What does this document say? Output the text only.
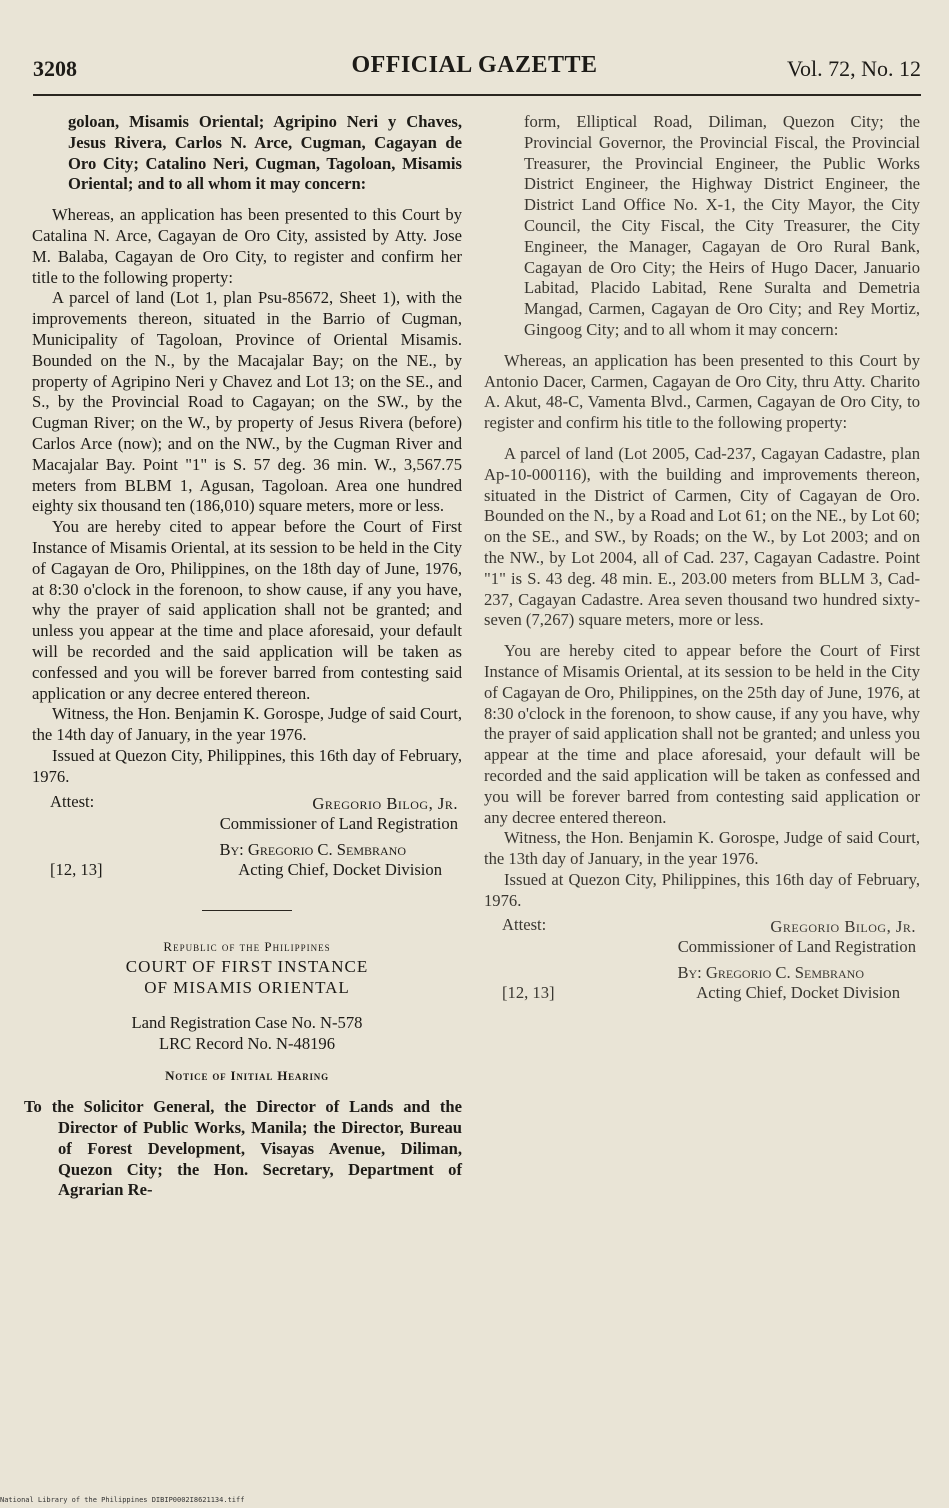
3208	OFFICIAL GAZETTE	Vol. 72, No. 12

goloan, Misamis Oriental; Agripino Neri y Chaves, Jesus Rivera, Carlos N. Arce, Cugman, Cagayan de Oro City; Catalino Neri, Cugman, Tagoloan, Misamis Oriental; and to all whom it may concern:

Whereas, an application has been presented to this Court by Catalina N. Arce, Cagayan de Oro City, assisted by Atty. Jose M. Balaba, Cagayan de Oro City, to register and confirm her title to the following property:

A parcel of land (Lot 1, plan Psu-85672, Sheet 1), with the improvements thereon, situated in the Barrio of Cugman, Municipality of Tagoloan, Province of Oriental Misamis. Bounded on the N., by the Macajalar Bay; on the NE., by property of Agripino Neri y Chavez and Lot 13; on the SE., and S., by the Provincial Road to Cagayan; on the SW., by the Cugman River; on the W., by property of Jesus Rivera (before) Carlos Arce (now); and on the NW., by the Cugman River and Macajalar Bay. Point "1" is S. 57 deg. 36 min. W., 3,567.75 meters from BLBM 1, Agusan, Tagoloan. Area one hundred eighty six thousand ten (186,010) square meters, more or less.

You are hereby cited to appear before the Court of First Instance of Misamis Oriental, at its session to be held in the City of Cagayan de Oro, Philippines, on the 18th day of June, 1976, at 8:30 o'clock in the forenoon, to show cause, if any you have, why the prayer of said application shall not be granted; and unless you appear at the time and place aforesaid, your default will be recorded and the said application will be taken as confessed and you will be forever barred from contesting said application or any decree entered thereon.

Witness, the Hon. Benjamin K. Gorospe, Judge of said Court, the 14th day of January, in the year 1976.

Issued at Quezon City, Philippines, this 16th day of February, 1976.

Attest:	Gregorio Bilog, Jr.
Commissioner of Land Registration
By: Gregorio C. Sembrano
[12, 13]	Acting Chief, Docket Division

Republic of the Philippines

COURT OF FIRST INSTANCE

OF MISAMIS ORIENTAL

Land Registration Case No. N-578

LRC Record No. N-48196

Notice of Initial Hearing

To the Solicitor General, the Director of Lands and the Director of Public Works, Manila; the Director, Bureau of Forest Development, Visayas Avenue, Diliman, Quezon City; the Hon. Secretary, Department of Agrarian Re-

form, Elliptical Road, Diliman, Quezon City; the Provincial Governor, the Provincial Fiscal, the Provincial Treasurer, the Provincial Engineer, the Public Works District Engineer, the Highway District Engineer, the District Land Office No. X-1, the City Mayor, the City Council, the City Fiscal, the City Treasurer, the City Engineer, the Manager, Cagayan de Oro Rural Bank, Cagayan de Oro City; the Heirs of Hugo Dacer, Januario Labitad, Placido Labitad, Rene Suralta and Demetria Mangad, Carmen, Cagayan de Oro City; and Rey Mortiz, Gingoog City; and to all whom it may concern:

Whereas, an application has been presented to this Court by Antonio Dacer, Carmen, Cagayan de Oro City, thru Atty. Charito A. Akut, 48-C, Vamenta Blvd., Carmen, Cagayan de Oro City, to register and confirm his title to the following property:

A parcel of land (Lot 2005, Cad-237, Cagayan Cadastre, plan Ap-10-000116), with the building and improvements thereon, situated in the District of Carmen, City of Cagayan de Oro. Bounded on the N., by a Road and Lot 61; on the NE., by Lot 60; on the SE., and SW., by Roads; on the W., by Lot 2003; and on the NW., by Lot 2004, all of Cad. 237, Cagayan Cadastre. Point "1" is S. 43 deg. 48 min. E., 203.00 meters from BLLM 3, Cad-237, Cagayan Cadastre. Area seven thousand two hundred sixty-seven (7,267) square meters, more or less.

You are hereby cited to appear before the Court of First Instance of Misamis Oriental, at its session to be held in the City of Cagayan de Oro, Philippines, on the 25th day of June, 1976, at 8:30 o'clock in the forenoon, to show cause, if any you have, why the prayer of said application shall not be granted; and unless you appear at the time and place aforesaid, your default will be recorded and the said application will be taken as confessed and you will be forever barred from contesting said application or any decree entered thereon.

Witness, the Hon. Benjamin K. Gorospe, Judge of said Court, the 13th day of January, in the year 1976.

Issued at Quezon City, Philippines, this 16th day of February, 1976.

Attest:	Gregorio Bilog, Jr.
Commissioner of Land Registration
By: Gregorio C. Sembrano
[12, 13]	Acting Chief, Docket Division
National Library of the Philippines DIBIP0002I8621134.tiff
